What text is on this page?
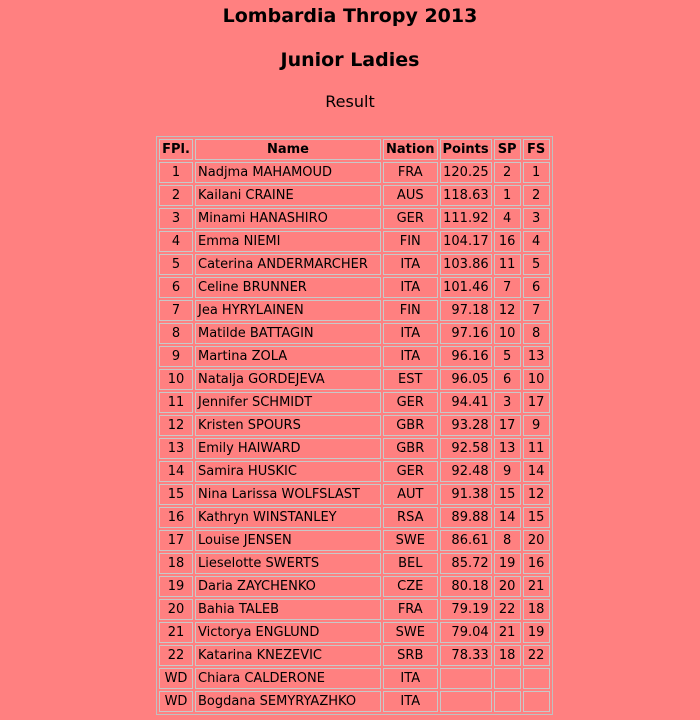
Lombardia Thropy 2013
Junior Ladies
Result
FPl.	Name	Nation	Points	SP	FS
1	Nadjma MAHAMOUD	FRA	120.25	2	1
2	Kailani CRAINE	AUS	118.63	1	2
3	Minami HANASHIRO	GER	111.92	4	3
4	Emma NIEMI	FIN	104.17	16	4
5	Caterina ANDERMARCHER	ITA	103.86	11	5
6	Celine BRUNNER	ITA	101.46	7	6
7	Jea HYRYLAINEN	FIN	97.18	12	7
8	Matilde BATTAGIN	ITA	97.16	10	8
9	Martina ZOLA	ITA	96.16	5	13
10	Natalja GORDEJEVA	EST	96.05	6	10
11	Jennifer SCHMIDT	GER	94.41	3	17
12	Kristen SPOURS	GBR	93.28	17	9
13	Emily HAIWARD	GBR	92.58	13	11
14	Samira HUSKIC	GER	92.48	9	14
15	Nina Larissa WOLFSLAST	AUT	91.38	15	12
16	Kathryn WINSTANLEY	RSA	89.88	14	15
17	Louise JENSEN	SWE	86.61	8	20
18	Lieselotte SWERTS	BEL	85.72	19	16
19	Daria ZAYCHENKO	CZE	80.18	20	21
20	Bahia TALEB	FRA	79.19	22	18
21	Victorya ENGLUND	SWE	79.04	21	19
22	Katarina KNEZEVIC	SRB	78.33	18	22
WD	Chiara CALDERONE	ITA			
WD	Bogdana SEMYRYAZHKO	ITA			
